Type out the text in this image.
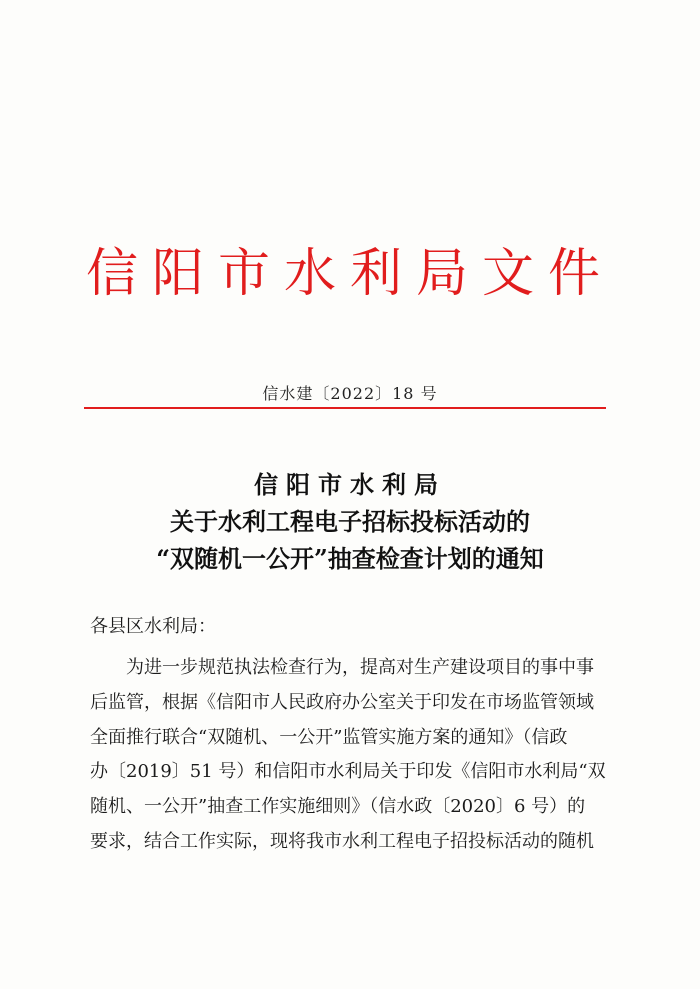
信阳市水利局文件
信水建〔2022〕18 号
信阳市水利局
关于水利工程电子招标投标活动的
“双随机一公开”抽查检查计划的通知
各县区水利局：
为进一步规范执法检查行为，提高对生产建设项目的事中事
后监管，根据《信阳市人民政府办公室关于印发在市场监管领域
全面推行联合“双随机、一公开”监管实施方案的通知》（信政
办〔2019〕51 号）和信阳市水利局关于印发《信阳市水利局“双
随机、一公开”抽查工作实施细则》（信水政〔2020〕6 号）的
要求，结合工作实际，现将我市水利工程电子招投标活动的随机
